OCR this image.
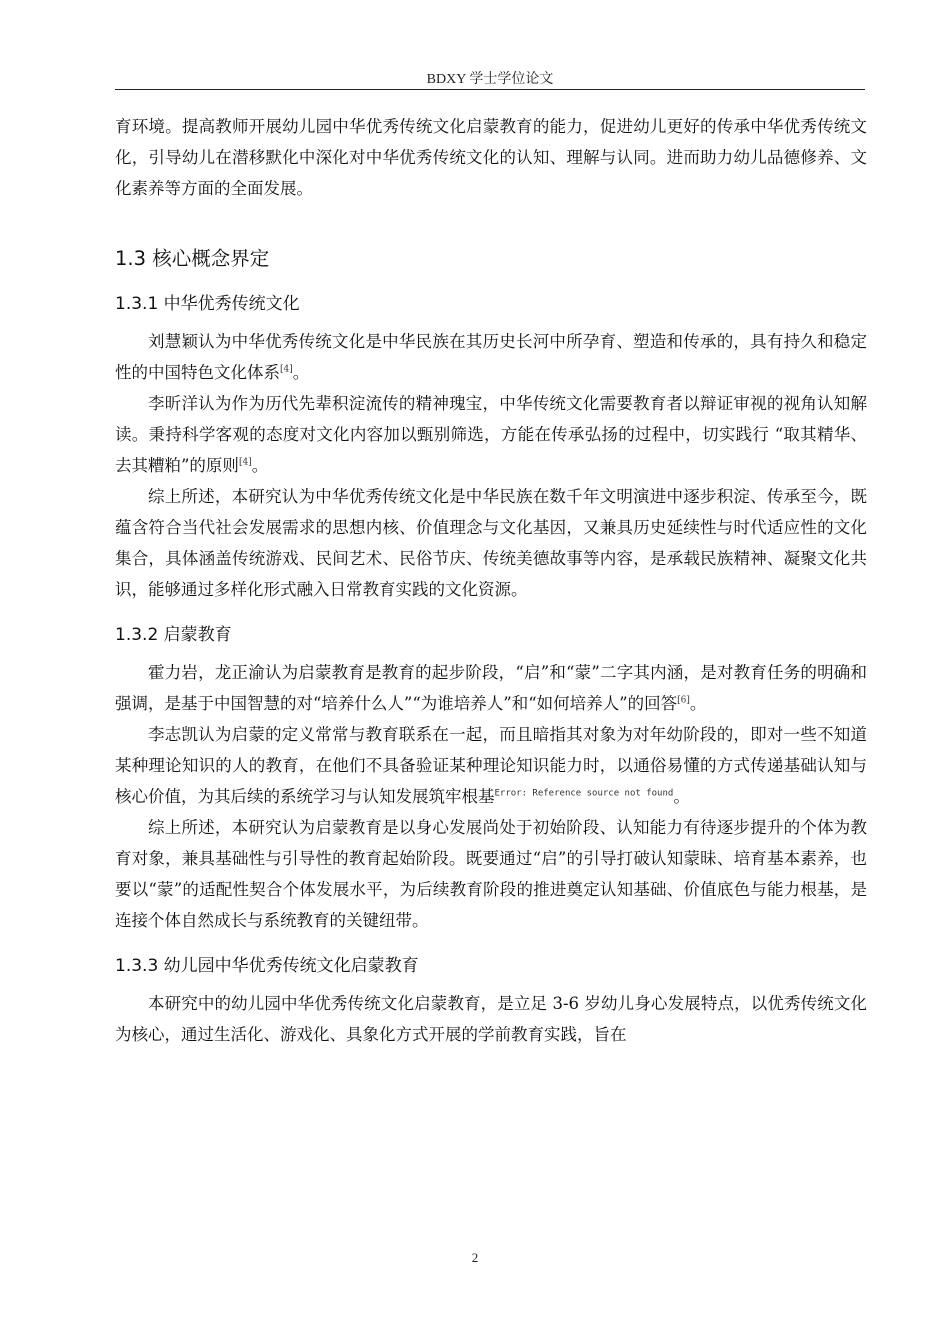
BDXY 学士学位论文

育环境。提高教师开展幼儿园中华优秀传统文化启蒙教育的能力，促进幼儿更好的传承中华优秀传统文化，引导幼儿在潜移默化中深化对中华优秀传统文化的认知、理解与认同。进而助力幼儿品德修养、文化素养等方面的全面发展。

1.3 核心概念界定
1.3.1 中华优秀传统文化

刘慧颖认为中华优秀传统文化是中华民族在其历史长河中所孕育、塑造和传承的，具有持久和稳定性的中国特色文化体系[4]。

李昕洋认为作为历代先辈积淀流传的精神瑰宝，中华传统文化需要教育者以辩证审视的视角认知解读。秉持科学客观的态度对文化内容加以甄别筛选，方能在传承弘扬的过程中，切实践行 “取其精华、去其糟粕”的原则[4]。

综上所述，本研究认为中华优秀传统文化是中华民族在数千年文明演进中逐步积淀、传承至今，既蕴含符合当代社会发展需求的思想内核、价值理念与文化基因，又兼具历史延续性与时代适应性的文化集合，具体涵盖传统游戏、民间艺术、民俗节庆、传统美德故事等内容，是承载民族精神、凝聚文化共识，能够通过多样化形式融入日常教育实践的文化资源。

1.3.2 启蒙教育

霍力岩，龙正渝认为启蒙教育是教育的起步阶段，“启”和“蒙”二字其内涵，是对教育任务的明确和强调，是基于中国智慧的对“培养什么人”“为谁培养人”和“如何培养人”的回答[6]。

李志凯认为启蒙的定义常常与教育联系在一起，而且暗指其对象为对年幼阶段的，即对一些不知道某种理论知识的人的教育，在他们不具备验证某种理论知识能力时，以通俗易懂的方式传递基础认知与核心价值，为其后续的系统学习与认知发展筑牢根基$^{Error: Reference source not found}$。

综上所述，本研究认为启蒙教育是以身心发展尚处于初始阶段、认知能力有待逐步提升的个体为教育对象，兼具基础性与引导性的教育起始阶段。既要通过“启”的引导打破认知蒙昧、培育基本素养，也要以“蒙”的适配性契合个体发展水平，为后续教育阶段的推进奠定认知基础、价值底色与能力根基，是连接个体自然成长与系统教育的关键纽带。

1.3.3 幼儿园中华优秀传统文化启蒙教育

本研究中的幼儿园中华优秀传统文化启蒙教育，是立足 3-6 岁幼儿身心发展特点，以优秀传统文化为核心，通过生活化、游戏化、具象化方式开展的学前教育实践，旨在

2
